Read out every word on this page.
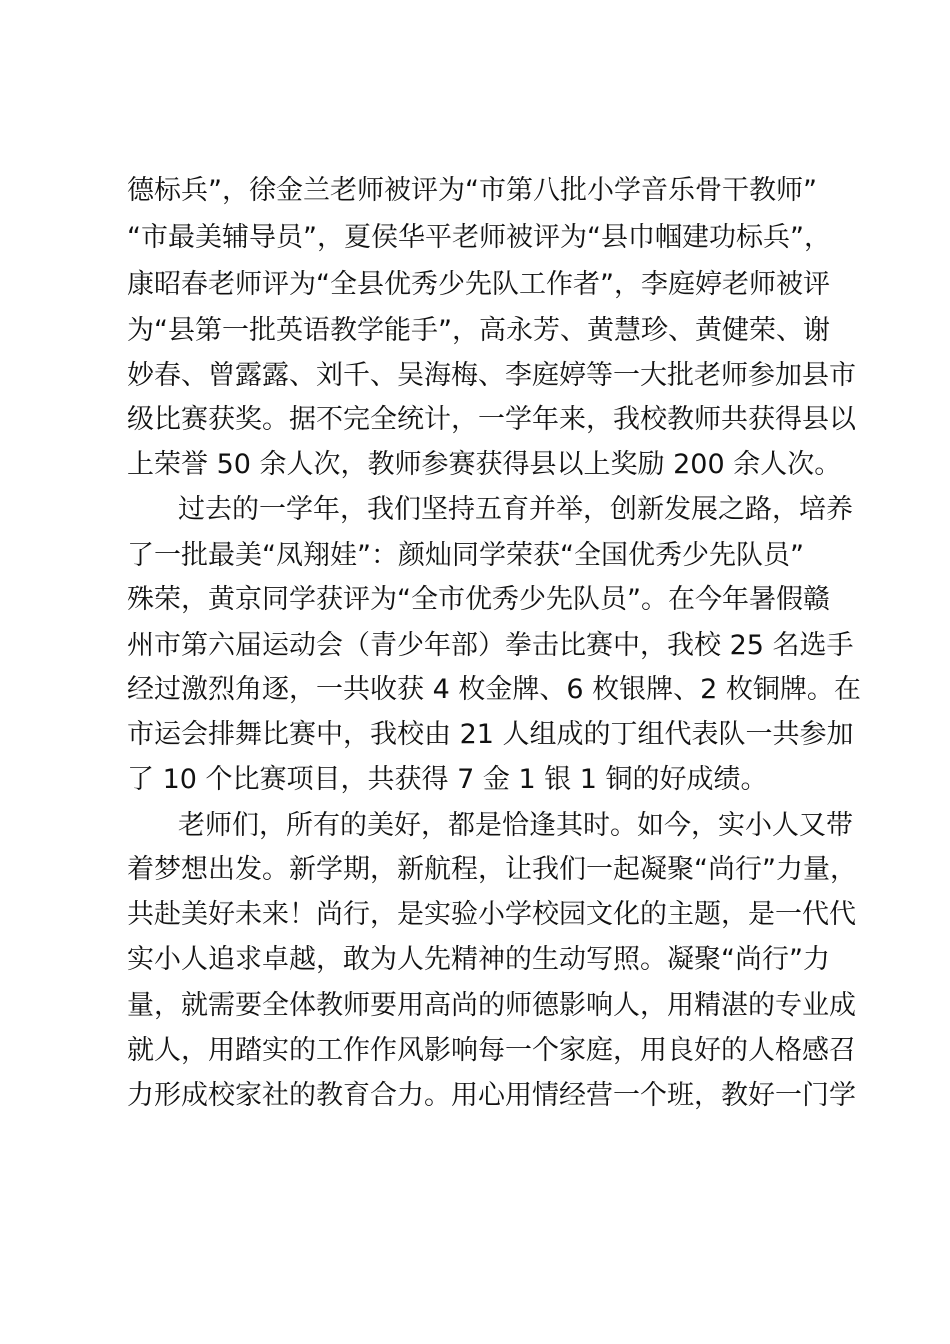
德标兵”，徐金兰老师被评为“市第八批小学音乐骨干教师”
“市最美辅导员”，夏侯华平老师被评为“县巾帼建功标兵”，
康昭春老师评为“全县优秀少先队工作者”，李庭婷老师被评
为“县第一批英语教学能手”，高永芳、黄慧珍、黄健荣、谢
妙春、曾露露、刘千、吴海梅、李庭婷等一大批老师参加县市
级比赛获奖。据不完全统计，一学年来，我校教师共获得县以
上荣誉 50 余人次，教师参赛获得县以上奖励 200 余人次。
过去的一学年，我们坚持五育并举，创新发展之路，培养
了一批最美“凤翔娃”：颜灿同学荣获“全国优秀少先队员”
殊荣，黄京同学获评为“全市优秀少先队员”。在今年暑假赣
州市第六届运动会（青少年部）拳击比赛中，我校 25 名选手
经过激烈角逐，一共收获 4 枚金牌、6 枚银牌、2 枚铜牌。在
市运会排舞比赛中，我校由 21 人组成的丁组代表队一共参加
了 10 个比赛项目，共获得 7 金 1 银 1 铜的好成绩。
老师们，所有的美好，都是恰逢其时。如今，实小人又带
着梦想出发。新学期，新航程，让我们一起凝聚“尚行”力量，
共赴美好未来！尚行，是实验小学校园文化的主题，是一代代
实小人追求卓越，敢为人先精神的生动写照。凝聚“尚行”力
量，就需要全体教师要用高尚的师德影响人，用精湛的专业成
就人，用踏实的工作作风影响每一个家庭，用良好的人格感召
力形成校家社的教育合力。用心用情经营一个班，教好一门学
